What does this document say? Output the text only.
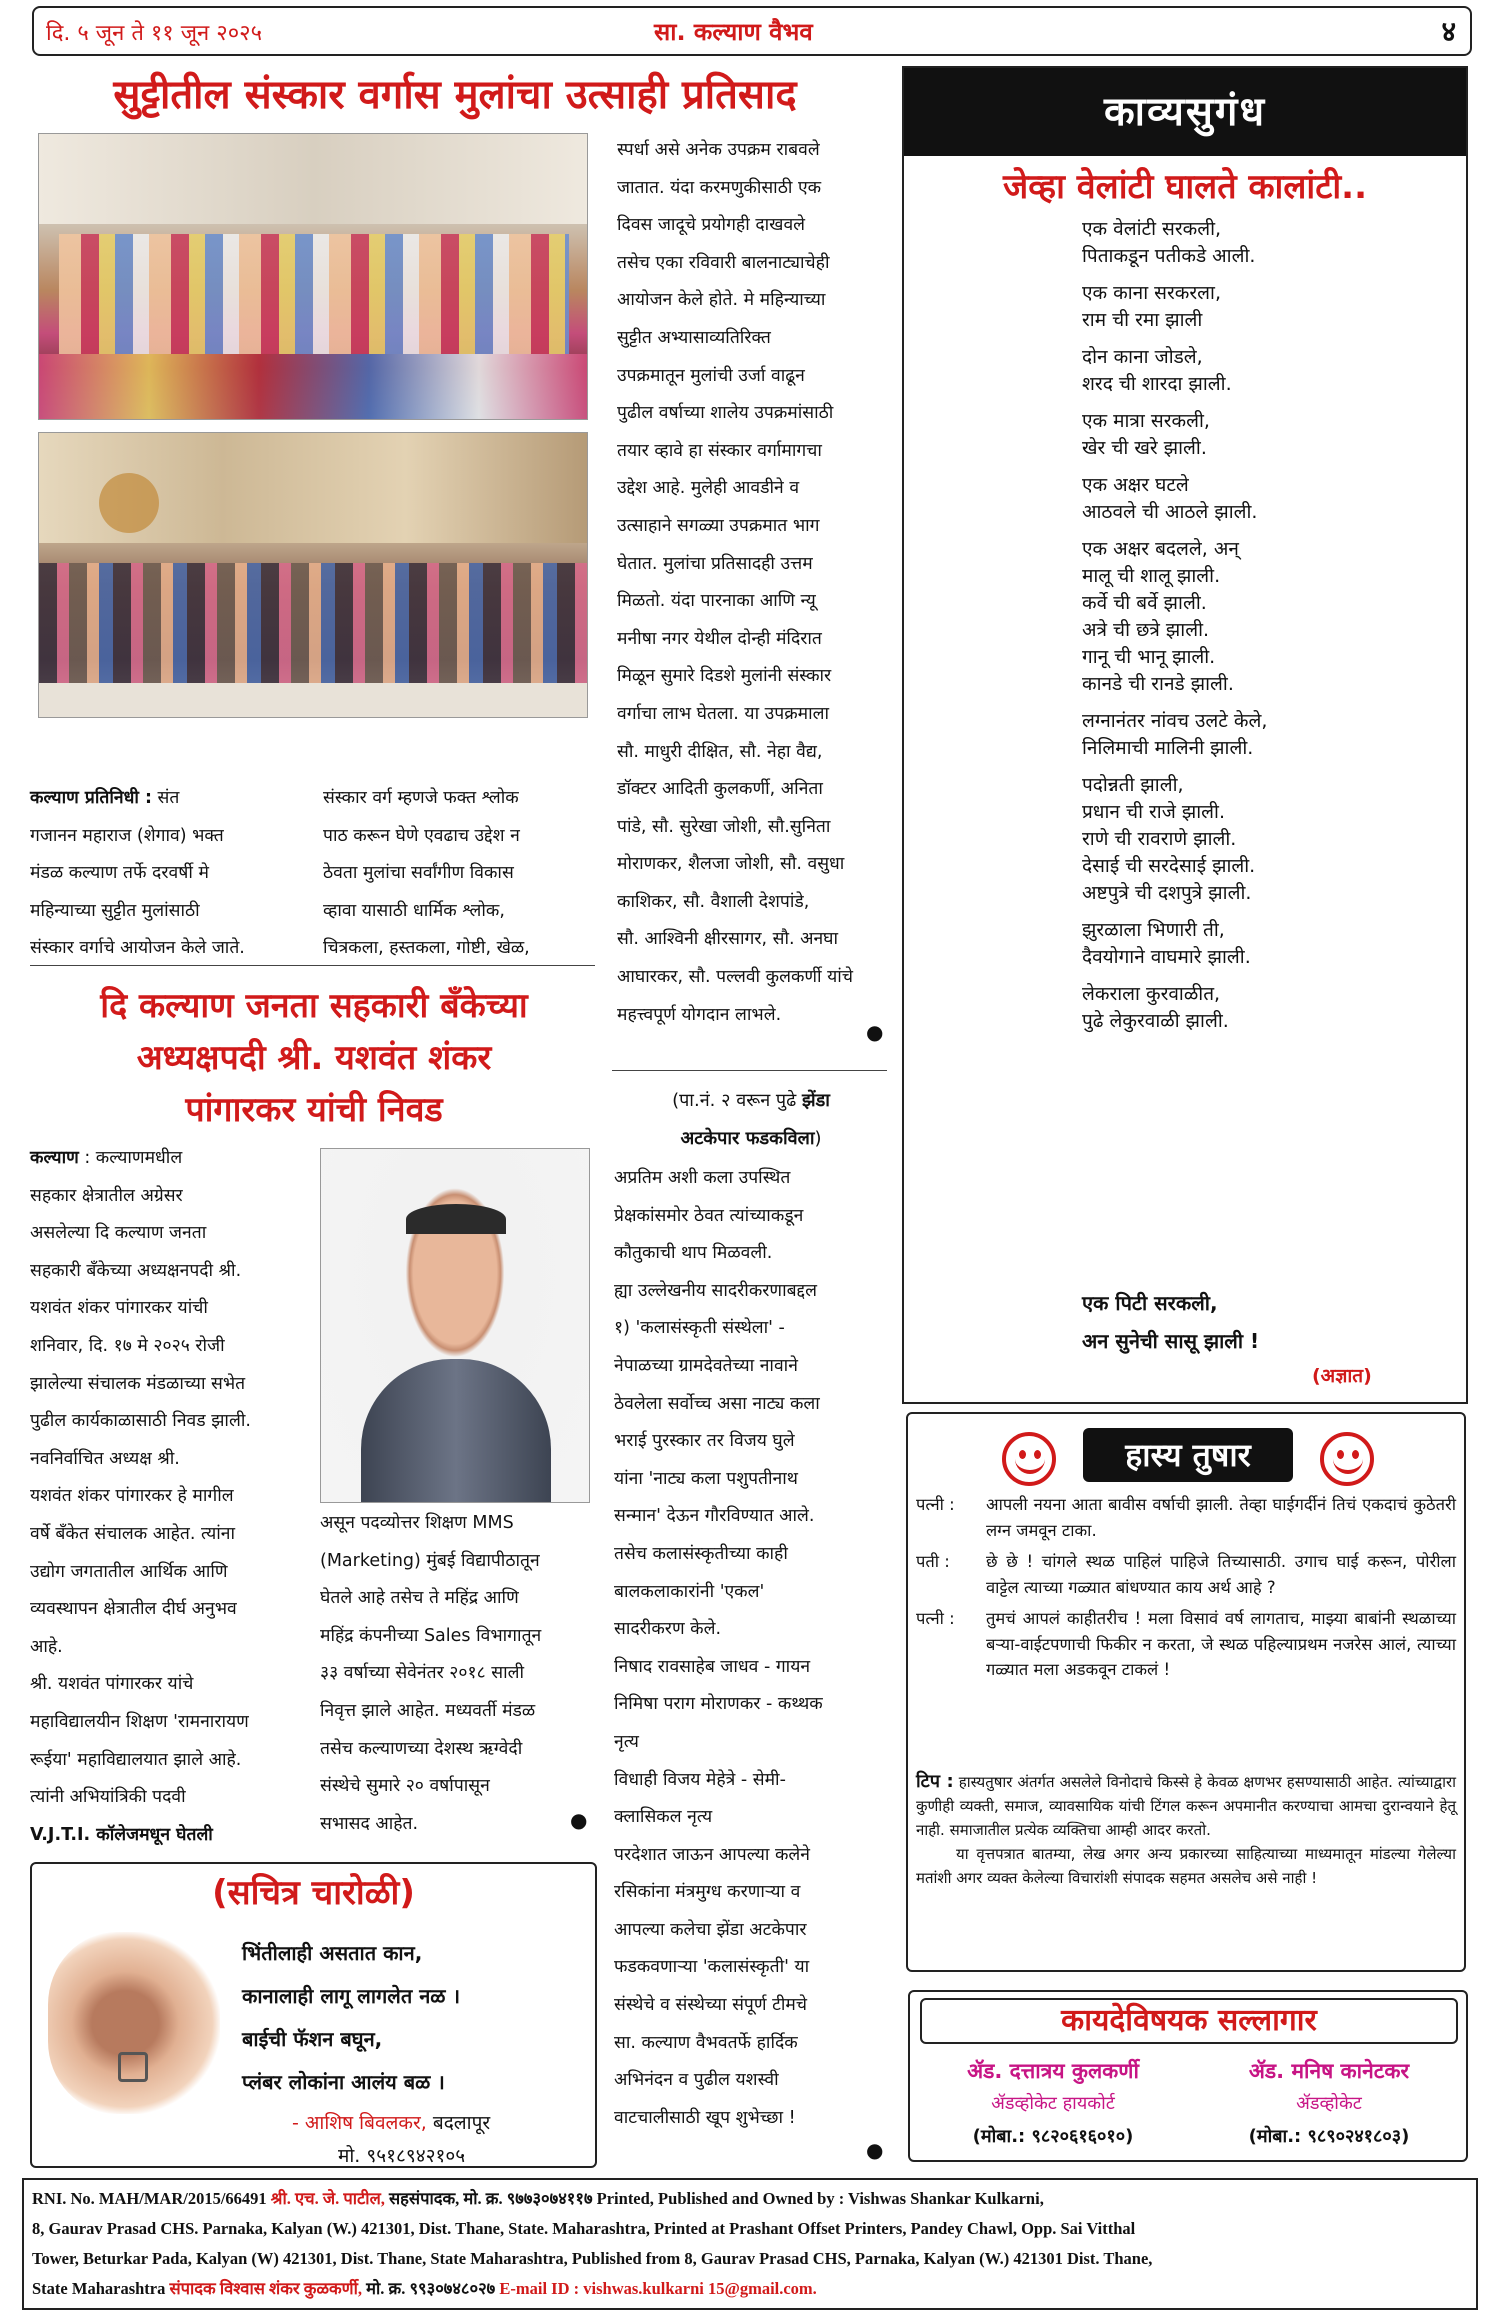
दि. ५ जून ते ११ जून २०२५	सा. कल्याण वैभव	४
सुट्टीतील संस्कार वर्गास मुलांचा उत्साही प्रतिसाद
स्पर्धा असे अनेक उपक्रम राबवले
जातात. यंदा करमणुकीसाठी एक
दिवस जादूचे प्रयोगही दाखवले
तसेच एका रविवारी बालनाट्याचेही
आयोजन केले होते. मे महिन्याच्या
सुट्टीत अभ्यासाव्यतिरिक्त
उपक्रमातून मुलांची उर्जा वाढून
पुढील वर्षाच्या शालेय उपक्रमांसाठी
तयार व्हावे हा संस्कार वर्गामागचा
उद्देश आहे. मुलेही आवडीने व
उत्साहाने सगळ्या उपक्रमात भाग
घेतात. मुलांचा प्रतिसादही उत्तम
मिळतो. यंदा पारनाका आणि न्यू
मनीषा नगर येथील दोन्ही मंदिरात
मिळून सुमारे दिडशे मुलांनी संस्कार
वर्गाचा लाभ घेतला. या उपक्रमाला
सौ. माधुरी दीक्षित, सौ. नेहा वैद्य,
डॉक्टर आदिती कुलकर्णी, अनिता
पांडे, सौ. सुरेखा जोशी, सौ.सुनिता
मोराणकर, शैलजा जोशी, सौ. वसुधा
काशिकर, सौ. वैशाली देशपांडे,
सौ. आश्विनी क्षीरसागर, सौ. अनघा
आघारकर, सौ. पल्लवी कुलकर्णी यांचे
महत्त्वपूर्ण योगदान लाभले.
●
कल्याण प्रतिनिधी : संत
गजानन महाराज (शेगाव) भक्त
मंडळ कल्याण तर्फे दरवर्षी मे
महिन्याच्या सुट्टीत मुलांसाठी
संस्कार वर्गाचे आयोजन केले जाते.
संस्कार वर्ग म्हणजे फक्त श्लोक
पाठ करून घेणे एवढाच उद्देश न
ठेवता मुलांचा सर्वांगीण विकास
व्हावा यासाठी धार्मिक श्लोक,
चित्रकला, हस्तकला, गोष्टी, खेळ,
दि कल्याण जनता सहकारी बँकेच्या
अध्यक्षपदी श्री. यशवंत शंकर
पांगारकर यांची निवड
कल्याण : कल्याणमधील
सहकार क्षेत्रातील अग्रेसर
असलेल्या दि कल्याण जनता
सहकारी बँकेच्या अध्यक्षनपदी श्री.
यशवंत शंकर पांगारकर यांची
शनिवार, दि. १७ मे २०२५ रोजी
झालेल्या संचालक मंडळाच्या सभेत
पुढील कार्यकाळासाठी निवड झाली.
नवनिर्वाचित अध्यक्ष श्री.
यशवंत शंकर पांगारकर हे मागील
वर्षे बँकेत संचालक आहेत. त्यांना
उद्योग जगतातील आर्थिक आणि
व्यवस्थापन क्षेत्रातील दीर्घ अनुभव
आहे.
श्री. यशवंत पांगारकर यांचे
महाविद्यालयीन शिक्षण 'रामनारायण
रूईया' महाविद्यालयात झाले आहे.
त्यांनी अभियांत्रिकी पदवी
V.J.T.I. कॉलेजमधून घेतली
असून पदव्योत्तर शिक्षण MMS
(Marketing) मुंबई विद्यापीठातून
घेतले आहे तसेच ते महिंद्र आणि
महिंद्र कंपनीच्या Sales विभागातून
३३ वर्षाच्या सेवेनंतर २०१८ साली
निवृत्त झाले आहेत. मध्यवर्ती मंडळ
तसेच कल्याणच्या देशस्थ ऋग्वेदी
संस्थेचे सुमारे २० वर्षापासून
सभासद आहेत.	●
(पा.नं. २ वरून पुढे झेंडा
अटकेपार फडकविला)
अप्रतिम अशी कला उपस्थित
प्रेक्षकांसमोर ठेवत त्यांच्याकडून
कौतुकाची थाप मिळवली.
ह्या उल्लेखनीय सादरीकरणाबद्दल
१) 'कलासंस्कृती संस्थेला' -
नेपाळच्या ग्रामदेवतेच्या नावाने
ठेवलेला सर्वोच्च असा नाट्य कला
भराई पुरस्कार तर विजय घुले
यांना 'नाट्य कला पशुपतीनाथ
सन्मान' देऊन गौरविण्यात आले.
तसेच कलासंस्कृतीच्या काही
बालकलाकारांनी 'एकल'
सादरीकरण केले.
निषाद रावसाहेब जाधव - गायन
निमिषा पराग मोराणकर - कथ्थक
नृत्य
विधाही विजय मेहेत्रे - सेमी-
क्लासिकल नृत्य
परदेशात जाऊन आपल्या कलेने
रसिकांना मंत्रमुग्ध करणाऱ्या व
आपल्या कलेचा झेंडा अटकेपार
फडकवणाऱ्या 'कलासंस्कृती' या
संस्थेचे व संस्थेच्या संपूर्ण टीमचे
सा. कल्याण वैभवतर्फे हार्दिक
अभिनंदन व पुढील यशस्वी
वाटचालीसाठी खूप शुभेच्छा !
●
(सचित्र चारोळी)
भिंतीलाही असतात कान,
कानालाही लागू लागलेत नळ ।
बाईची फॅशन बघून,
प्लंबर लोकांना आलंय बळ ।
- आशिष बिवलकर, बदलापूर
मो. ९५१८९४२१०५
काव्यसुगंध
जेव्हा वेलांटी घालते कालांटी..
एक वेलांटी सरकली,
पिताकडून पतीकडे आली.
एक काना सरकरला,
राम ची रमा झाली
दोन काना जोडले,
शरद ची शारदा झाली.
एक मात्रा सरकली,
खेर ची खरे झाली.
एक अक्षर घटले
आठवले ची आठले झाली.
एक अक्षर बदलले, अन्
मालू ची शालू झाली.
कर्वे ची बर्वे झाली.
अत्रे ची छत्रे झाली.
गानू ची भानू झाली.
कानडे ची रानडे झाली.
लग्नानंतर नांवच उलटे केले,
निलिमाची मालिनी झाली.
पदोन्नती झाली,
प्रधान ची राजे झाली.
राणे ची रावराणे झाली.
देसाई ची सरदेसाई झाली.
अष्टपुत्रे ची दशपुत्रे झाली.
झुरळाला भिणारी ती,
दैवयोगाने वाघमारे झाली.
लेकराला कुरवाळीत,
पुढे लेकुरवाळी झाली.
एक पिटी सरकली,
अन सुनेची सासू झाली !
(अज्ञात)
हास्य तुषार
पत्नी :	आपली नयना आता बावीस वर्षाची झाली. तेव्हा घाईगर्दीनं तिचं एकदाचं कुठेतरी लग्न जमवून टाका.
पती :	छे छे ! चांगले स्थळ पाहिलं पाहिजे तिच्यासाठी. उगाच घाई करून, पोरीला वाट्टेल त्याच्या गळ्यात बांधण्यात काय अर्थ आहे ?
पत्नी :	तुमचं आपलं काहीतरीच ! मला विसावं वर्ष लागताच, माझ्या बाबांनी स्थळाच्या बऱ्या-वाईटपणाची फिकीर न करता, जे स्थळ पहिल्याप्रथम नजरेस आलं, त्याच्या गळ्यात मला अडकवून टाकलं !
टिप : हास्यतुषार अंतर्गत असलेले विनोदाचे किस्से हे केवळ क्षणभर हसण्यासाठी आहेत. त्यांच्याद्वारा कुणीही व्यक्ती, समाज, व्यावसायिक यांची टिंगल करून अपमानीत करण्याचा आमचा दुरान्वयाने हेतू नाही. समाजातील प्रत्येक व्यक्तिचा आम्ही आदर करतो.
या वृत्तपत्रात बातम्या, लेख अगर अन्य प्रकारच्या साहित्याच्या माध्यमातून मांडल्या गेलेल्या मतांशी अगर व्यक्त केलेल्या विचारांशी संपादक सहमत असलेच असे नाही !
कायदेविषयक सल्लागार
ॲड. दत्तात्रय कुलकर्णी
ॲडव्होकेट हायकोर्ट
(मोबा.: ९८२०६१६०१०)
ॲड. मनिष कानेटकर
ॲडव्होकेट
(मोबा.: ९८९०२४१८०३)
RNI. No. MAH/MAR/2015/66491 श्री. एच. जे. पाटील, सहसंपादक, मो. क्र. ९७७३०७४११७ Printed, Published and Owned by : Vishwas Shankar Kulkarni,
8, Gaurav Prasad CHS. Parnaka, Kalyan (W.) 421301, Dist. Thane, State. Maharashtra, Printed at Prashant Offset Printers, Pandey Chawl, Opp. Sai Vitthal
Tower, Beturkar Pada, Kalyan (W) 421301, Dist. Thane, State Maharashtra, Published from 8, Gaurav Prasad CHS, Parnaka, Kalyan (W.) 421301 Dist. Thane,
State Maharashtra संपादक विश्वास शंकर कुळकर्णी, मो. क्र. ९९३०७४८०२७ E-mail ID : vishwas.kulkarni 15@gmail.com.
